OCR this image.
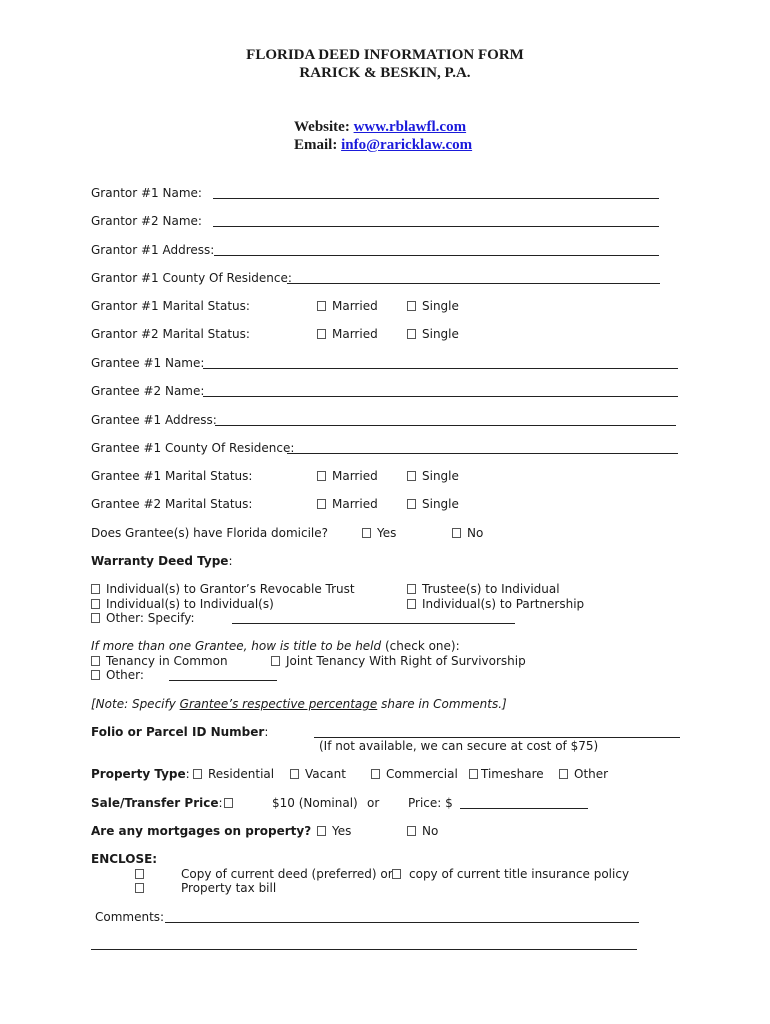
FLORIDA DEED INFORMATION FORM
RARICK & BESKIN, P.A.
Website: www.rblawfl.com
Email: info@raricklaw.com
Grantor #1 Name:
Grantor #2 Name:
Grantor #1 Address:
Grantor #1 County Of Residence:
Grantor #1 Marital Status:	Married	Single
Grantor #2 Marital Status:	Married	Single
Grantee #1 Name:
Grantee #2 Name:
Grantee #1 Address:
Grantee #1 County Of Residence:
Grantee #1 Marital Status:	Married	Single
Grantee #2 Marital Status:	Married	Single
Does Grantee(s) have Florida domicile?	Yes	No
Warranty Deed Type:
Individual(s) to Grantor’s Revocable Trust	Trustee(s) to Individual
Individual(s) to Individual(s)	Individual(s) to Partnership
Other: Specify:
If more than one Grantee, how is title to be held (check one):
Tenancy in Common	Joint Tenancy With Right of Survivorship
Other:
[Note: Specify Grantee’s respective percentage share in Comments.]
Folio or Parcel ID Number:
(If not available, we can secure at cost of $75)
Property Type:	Residential	Vacant	Commercial	Timeshare	Other
Sale/Transfer Price:	$10 (Nominal) or Price: $
Are any mortgages on property?	Yes	No
ENCLOSE:
Copy of current deed (preferred) or	copy of current title insurance policy
Property tax bill
Comments:
